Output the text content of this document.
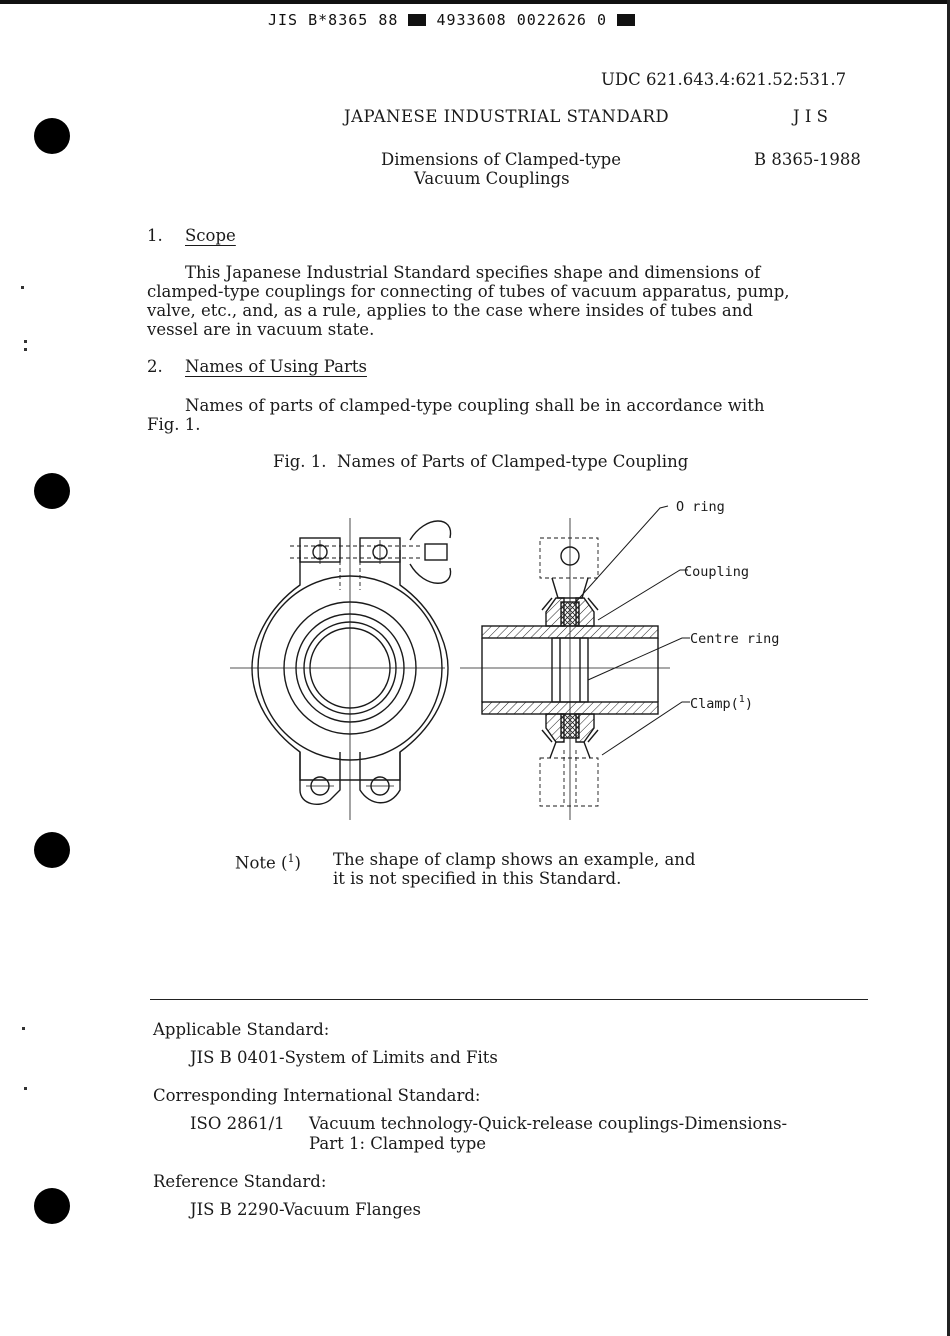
JIS B*8365 88	4933608 0022626 0
UDC 621.643.4:621.52:531.7
JAPANESE INDUSTRIAL STANDARD	J I S
Dimensions of Clamped-type
Vacuum Couplings
B 8365-1988
1. Scope
This Japanese Industrial Standard specifies shape and dimensions of
clamped-type couplings for connecting of tubes of vacuum apparatus, pump,
valve, etc., and, as a rule, applies to the case where insides of tubes and
vessel are in vacuum state.
2. Names of Using Parts
Names of parts of clamped-type coupling shall be in accordance with
Fig. 1.
Fig. 1.  Names of Parts of Clamped-type Coupling
O ring
Coupling
Centre ring
Clamp($^1$)
Note ($^1$) The shape of clamp shows an example, and
it is not specified in this Standard.
Applicable Standard:
JIS B 0401-System of Limits and Fits
Corresponding International Standard:
ISO 2861/1 Vacuum technology-Quick-release couplings-Dimensions-
Part 1: Clamped type
Reference Standard:
JIS B 2290-Vacuum Flanges
